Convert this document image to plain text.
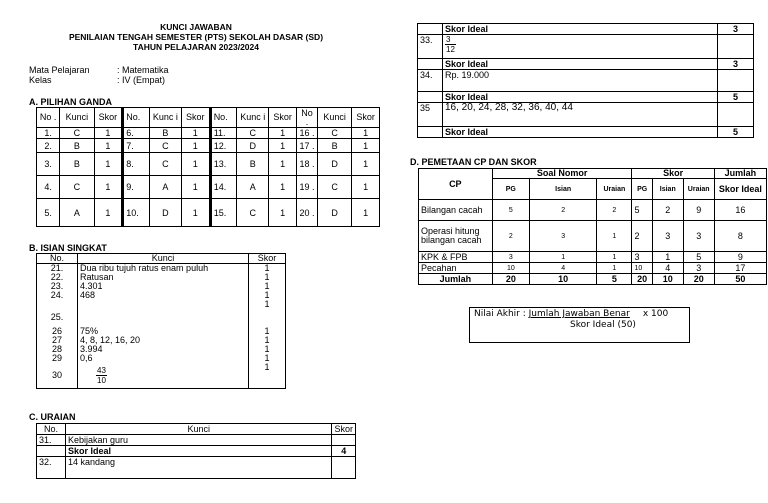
KUNCI JAWABAN
PENILAIAN TENGAH SEMESTER (PTS) SEKOLAH DASAR (SD)
TAHUN PELAJARAN 2023/2024
Mata Pelajaran	: Matematika
Kelas	: IV (Empat)
A. PILIHAN GANDA
No .	Kunci	Skor	No.	Kunc i	Skor	No.	Kunc i	Skor	No .	Kunci	Skor
1.	C	1	6.	B	1	11.	C	1	16 .	C	1
2.	B	1	7.	C	1	12.	D	1	17 .	B	1
3.	B	1	8.	C	1	13.	B	1	18 .	D	1
4.	C	1	9.	A	1	14.	A	1	19 .	C	1
5.	A	1	10.	D	1	15.	C	1	20 .	D	1
B. ISIAN SINGKAT
No.	Kunci	Skor
21.	Dua ribu tujuh ratus enam puluh	1
22.	Ratusan	1
23.	4.301	1
24.	468	1
25.		1
26	75%	1
27	4, 8, 12, 16, 20	1
28	3.994	1
29	0,6	1
30	$\frac{43}{10}$	1
C. URAIAN
No.	Kunci	Skor
31.	Kebijakan guru	
	Skor Ideal	4
32.	14 kandang	
	Skor Ideal	3
33.	$\frac{3}{12}$

	Skor Ideal	3
34.	Rp. 19.000	
	Skor Ideal	5
35	16, 20, 24, 28, 32, 36, 40, 44	
	Skor Ideal	5
D. PEMETAAN CP DAN SKOR
CP	Soal Nomor			Skor			Jumlah
	PG	Isian	Uraian	PG	Isian	Uraian	Skor Ideal
Bilangan cacah	5	2	2	5	2	9	16
Operasi hitung bilangan cacah	2	3	1	2	3	3	8
KPK & FPB	3	1	1	3	1	5	9
Pecahan	10	4	1	10	4	3	17
Jumlah	20	10	5	20	10	20	50
Nilai Akhir : Jumlah Jawaban Benar x 100
Skor Ideal (50)
